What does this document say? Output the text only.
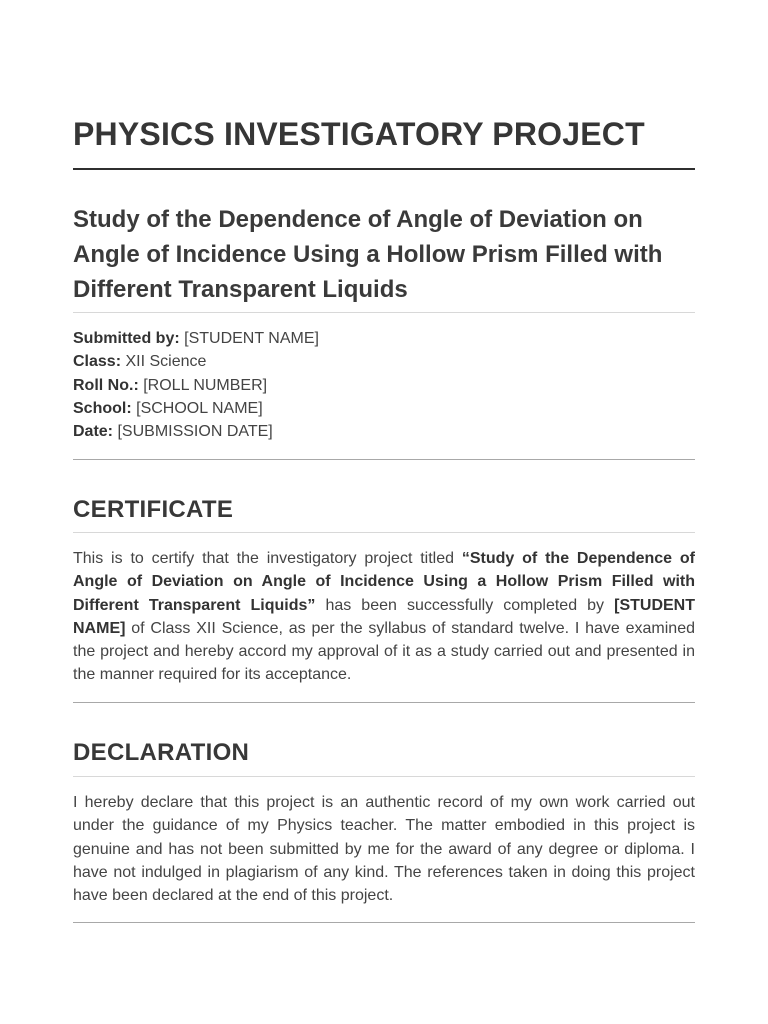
PHYSICS INVESTIGATORY PROJECT
Study of the Dependence of Angle of Deviation on Angle of Incidence Using a Hollow Prism Filled with Different Transparent Liquids
Submitted by: [STUDENT NAME]
Class: XII Science
Roll No.: [ROLL NUMBER]
School: [SCHOOL NAME]
Date: [SUBMISSION DATE]
CERTIFICATE

This is to certify that the investigatory project titled “Study of the Dependence of Angle of Deviation on Angle of Incidence Using a Hollow Prism Filled with Different Transparent Liquids” has been successfully completed by [STUDENT NAME] of Class XII Science, as per the syllabus of standard twelve. I have examined the project and hereby accord my approval of it as a study carried out and presented in the manner required for its acceptance.

DECLARATION

I hereby declare that this project is an authentic record of my own work carried out under the guidance of my Physics teacher. The matter embodied in this project is genuine and has not been submitted by me for the award of any degree or diploma. I have not indulged in plagiarism of any kind. The references taken in doing this project have been declared at the end of this project.
